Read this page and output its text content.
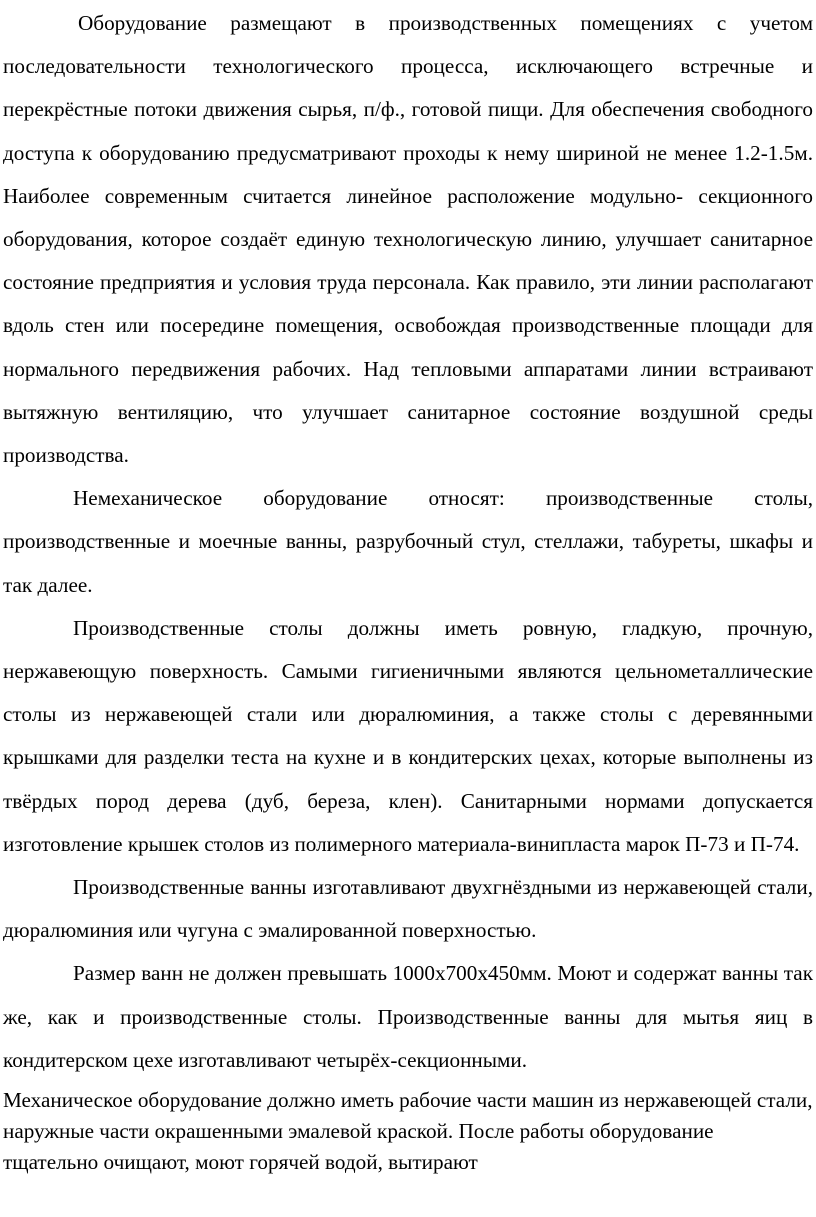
Оборудование размещают в производственных помещениях с учетом последовательности технологического процесса, исключающего встречные и перекрёстные потоки движения сырья, п/ф., готовой пищи. Для обеспечения свободного доступа к оборудованию предусматривают проходы к нему шириной не менее 1.2-1.5м. Наиболее современным считается линейное расположение модульно- секционного оборудования, которое создаёт единую технологическую линию, улучшает санитарное состояние предприятия и условия труда персонала. Как правило, эти линии располагают вдоль стен или посередине помещения, освобождая производственные площади для нормального передвижения рабочих. Над тепловыми аппаратами линии встраивают вытяжную вентиляцию, что улучшает санитарное состояние воздушной среды производства.

Немеханическое оборудование относят: производственные столы, производственные и моечные ванны, разрубочный стул, стеллажи, табуреты, шкафы и так далее.

Производственные столы должны иметь ровную, гладкую, прочную, нержавеющую поверхность. Самыми гигиеничными являются цельнометаллические столы из нержавеющей стали или дюралюминия, а также столы с деревянными крышками для разделки теста на кухне и в кондитерских цехах, которые выполнены из твёрдых пород дерева (дуб, береза, клен). Санитарными нормами допускается изготовление крышек столов из полимерного материала-винипласта марок П-73 и П-74.

Производственные ванны изготавливают двухгнёздными из нержавеющей стали, дюралюминия или чугуна с эмалированной поверхностью.

Размер ванн не должен превышать 1000х700х450мм. Моют и содержат ванны так же, как и производственные столы. Производственные ванны для мытья яиц в кондитерском цехе изготавливают четырёх-секционными.

Механическое оборудование должно иметь рабочие части машин из нержавеющей стали, наружные части окрашенными эмалевой краской. После работы оборудование тщательно очищают, моют горячей водой, вытирают
